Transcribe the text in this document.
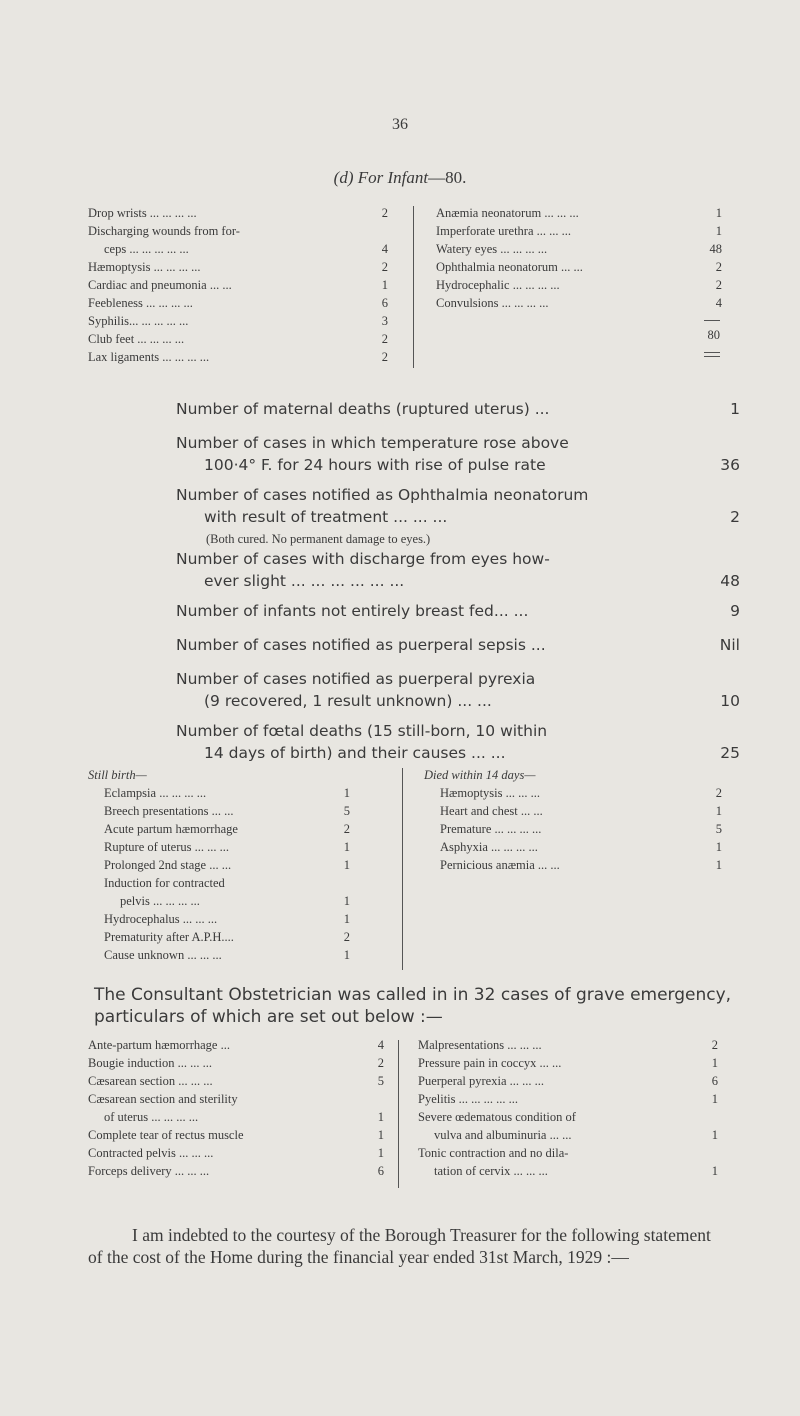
36
(d) For Infant—80.
Drop wrists ... ... ... ...	2
Discharging wounds from for-
ceps ... ... ... ... ...	4
Hæmoptysis ... ... ... ...	2
Cardiac and pneumonia ... ...	1
Feebleness ... ... ... ...	6
Syphilis... ... ... ... ...	3
Club feet ... ... ... ...	2
Lax ligaments ... ... ... ...	2
Anæmia neonatorum ... ... ...	1
Imperforate urethra ... ... ...	1
Watery eyes ... ... ... ...	48
Ophthalmia neonatorum ... ...	2
Hydrocephalic ... ... ... ...	2
Convulsions ... ... ... ...	4
80
Number of maternal deaths (ruptured uterus) ...	1
Number of cases in which temperature rose above
100·4° F. for 24 hours with rise of pulse rate	36
Number of cases notified as Ophthalmia neonatorum
with result of treatment ... ... ...	2
Number of cases with discharge from eyes how-
ever slight ... ... ... ... ... ...	48
Number of infants not entirely breast fed... ...	9
Number of cases notified as puerperal sepsis ...	Nil
Number of cases notified as puerperal pyrexia
(9 recovered, 1 result unknown) ... ...	10
Number of fœtal deaths (15 still-born, 10 within
14 days of birth) and their causes ... ...	25
(Both cured. No permanent damage to eyes.)
Still birth—
Eclampsia ... ... ... ...	1
Breech presentations ... ...	5
Acute partum hæmorrhage	2
Rupture of uterus ... ... ...	1
Prolonged 2nd stage ... ...	1
Induction for contracted
pelvis ... ... ... ...	1
Hydrocephalus ... ... ...	1
Prematurity after A.P.H....	2
Cause unknown ... ... ...	1
Died within 14 days—
Hæmoptysis ... ... ...	2
Heart and chest ... ...	1
Premature ... ... ... ...	5
Asphyxia ... ... ... ...	1
Pernicious anæmia ... ...	1
The Consultant Obstetrician was called in in 32 cases of grave emergency, particulars of which are set out below :—
Ante-partum hæmorrhage ...	4
Bougie induction ... ... ...	2
Cæsarean section ... ... ...	5
Cæsarean section and sterility
of uterus ... ... ... ...	1
Complete tear of rectus muscle	1
Contracted pelvis ... ... ...	1
Forceps delivery ... ... ...	6
Malpresentations ... ... ...	2
Pressure pain in coccyx ... ...	1
Puerperal pyrexia ... ... ...	6
Pyelitis ... ... ... ... ...	1
Severe œdematous condition of
vulva and albuminuria ... ...	1
Tonic contraction and no dila-
tation of cervix ... ... ...	1
I am indebted to the courtesy of the Borough Treasurer for the following statement of the cost of the Home during the financial year ended 31st March, 1929 :—
